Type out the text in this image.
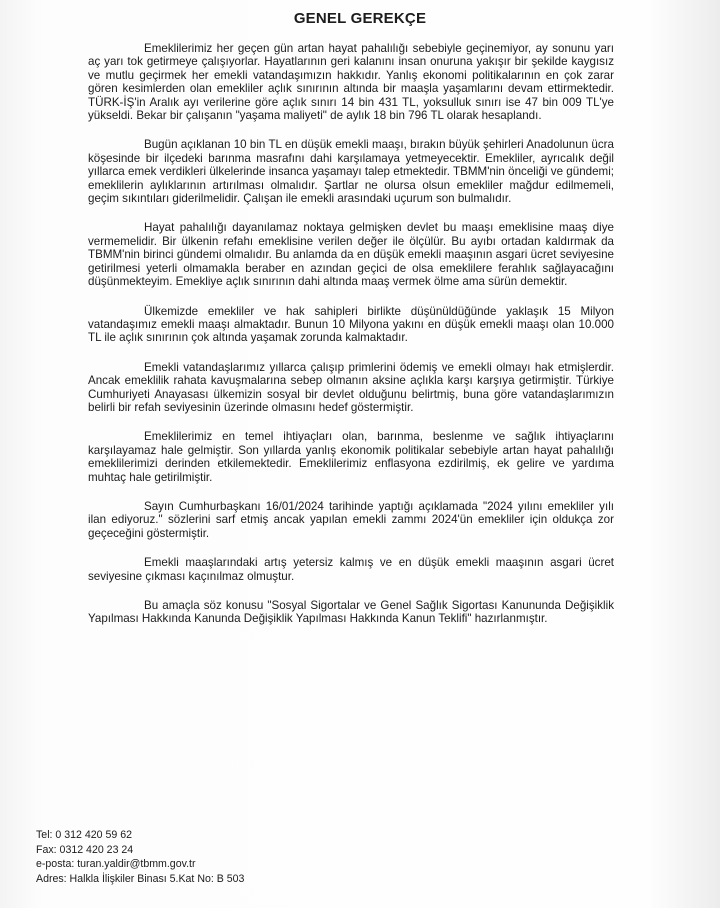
GENEL GEREKÇE

Emeklilerimiz her geçen gün artan hayat pahalılığı sebebiyle geçinemiyor, ay sonunu yarı aç yarı tok getirmeye çalışıyorlar. Hayatlarının geri kalanını insan onuruna yakışır bir şekilde kaygısız ve mutlu geçirmek her emekli vatandaşımızın hakkıdır. Yanlış ekonomi politikalarının en çok zarar gören kesimlerden olan emekliler açlık sınırının altında bir maaşla yaşamlarını devam ettirmektedir. TÜRK-İŞ'in Aralık ayı verilerine göre açlık sınırı 14 bin 431 TL, yoksulluk sınırı ise 47 bin 009 TL'ye yükseldi. Bekar bir çalışanın "yaşama maliyeti" de aylık 18 bin 796 TL olarak hesaplandı.

Bugün açıklanan 10 bin TL en düşük emekli maaşı, bırakın büyük şehirleri Anadolunun ücra köşesinde bir ilçedeki barınma masrafını dahi karşılamaya yetmeyecektir. Emekliler, ayrıcalık değil yıllarca emek verdikleri ülkelerinde insanca yaşamayı talep etmektedir. TBMM'nin önceliği ve gündemi; emeklilerin aylıklarının artırılması olmalıdır. Şartlar ne olursa olsun emekliler mağdur edilmemeli, geçim sıkıntıları giderilmelidir. Çalışan ile emekli arasındaki uçurum son bulmalıdır.

Hayat pahalılığı dayanılamaz noktaya gelmişken devlet bu maaşı emeklisine maaş diye vermemelidir. Bir ülkenin refahı emeklisine verilen değer ile ölçülür. Bu ayıbı ortadan kaldırmak da TBMM'nin birinci gündemi olmalıdır. Bu anlamda da en düşük emekli maaşının asgari ücret seviyesine getirilmesi yeterli olmamakla beraber en azından geçici de olsa emeklilere ferahlık sağlayacağını düşünmekteyim. Emekliye açlık sınırının dahi altında maaş vermek ölme ama sürün demektir.

Ülkemizde emekliler ve hak sahipleri birlikte düşünüldüğünde yaklaşık 15 Milyon vatandaşımız emekli maaşı almaktadır. Bunun 10 Milyona yakını en düşük emekli maaşı olan 10.000 TL ile açlık sınırının çok altında yaşamak zorunda kalmaktadır.

Emekli vatandaşlarımız yıllarca çalışıp primlerini ödemiş ve emekli olmayı hak etmişlerdir. Ancak emeklilik rahata kavuşmalarına sebep olmanın aksine açlıkla karşı karşıya getirmiştir. Türkiye Cumhuriyeti Anayasası ülkemizin sosyal bir devlet olduğunu belirtmiş, buna göre vatandaşlarımızın belirli bir refah seviyesinin üzerinde olmasını hedef göstermiştir.

Emeklilerimiz en temel ihtiyaçları olan, barınma, beslenme ve sağlık ihtiyaçlarını karşılayamaz hale gelmiştir. Son yıllarda yanlış ekonomik politikalar sebebiyle artan hayat pahalılığı emeklilerimizi derinden etkilemektedir. Emeklilerimiz enflasyona ezdirilmiş, ek gelire ve yardıma muhtaç hale getirilmiştir.

Sayın Cumhurbaşkanı 16/01/2024 tarihinde yaptığı açıklamada "2024 yılını emekliler yılı ilan ediyoruz." sözlerini sarf etmiş ancak yapılan emekli zammı 2024'ün emekliler için oldukça zor geçeceğini göstermiştir.

Emekli maaşlarındaki artış yetersiz kalmış ve en düşük emekli maaşının asgari ücret seviyesine çıkması kaçınılmaz olmuştur.

Bu amaçla söz konusu "Sosyal Sigortalar ve Genel Sağlık Sigortası Kanununda Değişiklik Yapılması Hakkında Kanunda Değişiklik Yapılması Hakkında Kanun Teklifi" hazırlanmıştır.

Tel: 0 312 420 59 62
Fax: 0312 420 23 24
e-posta: turan.yaldir@tbmm.gov.tr
Adres: Halkla İlişkiler Binası 5.Kat No: B 503
